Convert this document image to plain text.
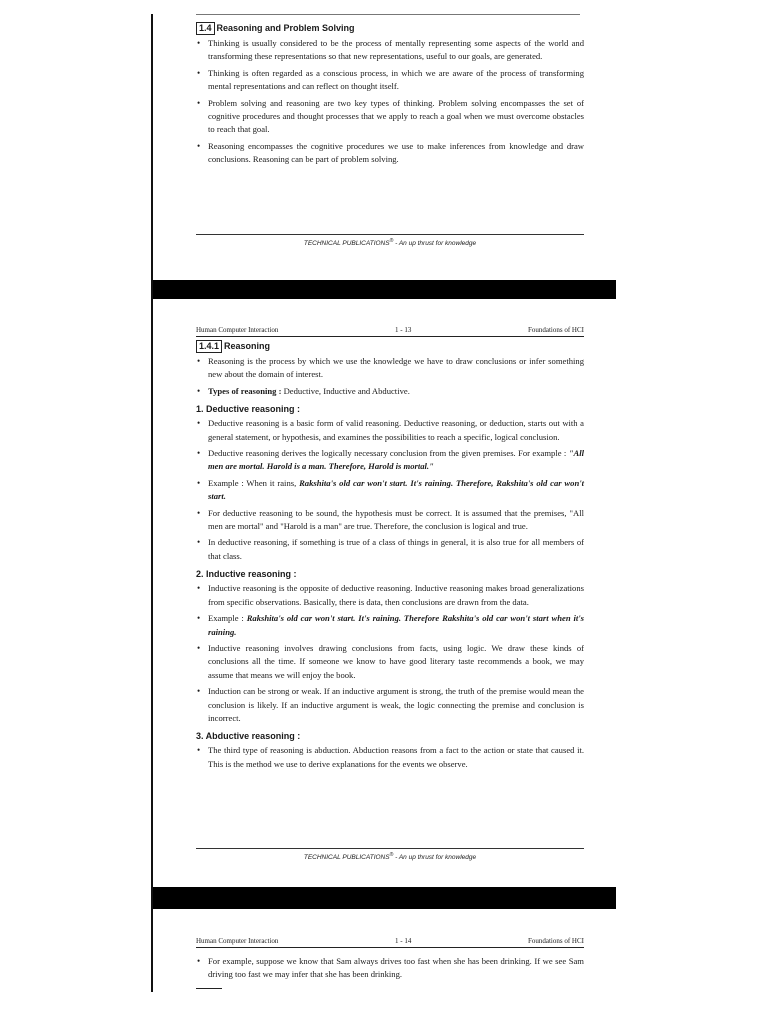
1.4 Reasoning and Problem Solving
• Thinking is usually considered to be the process of mentally representing some aspects of the world and transforming these representations so that new representations, useful to our goals, are generated.
• Thinking is often regarded as a conscious process, in which we are aware of the process of transforming mental representations and can reflect on thought itself.
• Problem solving and reasoning are two key types of thinking. Problem solving encompasses the set of cognitive procedures and thought processes that we apply to reach a goal when we must overcome obstacles to reach that goal.
• Reasoning encompasses the cognitive procedures we use to make inferences from knowledge and draw conclusions. Reasoning can be part of problem solving.
TECHNICAL PUBLICATIONS® - An up thrust for knowledge
Human Computer Interaction	1 - 13	Foundations of HCI
1.4.1 Reasoning
• Reasoning is the process by which we use the knowledge we have to draw conclusions or infer something new about the domain of interest.
• Types of reasoning : Deductive, Inductive and Abductive.
1. Deductive reasoning :
• Deductive reasoning is a basic form of valid reasoning. Deductive reasoning, or deduction, starts out with a general statement, or hypothesis, and examines the possibilities to reach a specific, logical conclusion.
• Deductive reasoning derives the logically necessary conclusion from the given premises. For example : "All men are mortal. Harold is a man. Therefore, Harold is mortal."
• Example : When it rains, Rakshita's old car won't start. It's raining. Therefore, Rakshita's old car won't start.
• For deductive reasoning to be sound, the hypothesis must be correct. It is assumed that the premises, "All men are mortal" and "Harold is a man" are true. Therefore, the conclusion is logical and true.
• In deductive reasoning, if something is true of a class of things in general, it is also true for all members of that class.
2. Inductive reasoning :
• Inductive reasoning is the opposite of deductive reasoning. Inductive reasoning makes broad generalizations from specific observations. Basically, there is data, then conclusions are drawn from the data.
• Example : Rakshita's old car won't start. It's raining. Therefore Rakshita's old car won't start when it's raining.
• Inductive reasoning involves drawing conclusions from facts, using logic. We draw these kinds of conclusions all the time. If someone we know to have good literary taste recommends a book, we may assume that means we will enjoy the book.
• Induction can be strong or weak. If an inductive argument is strong, the truth of the premise would mean the conclusion is likely. If an inductive argument is weak, the logic connecting the premise and conclusion is incorrect.
3. Abductive reasoning :
• The third type of reasoning is abduction. Abduction reasons from a fact to the action or state that caused it. This is the method we use to derive explanations for the events we observe.
TECHNICAL PUBLICATIONS® - An up thrust for knowledge
Human Computer Interaction	1 - 14	Foundations of HCI
• For example, suppose we know that Sam always drives too fast when she has been drinking. If we see Sam driving too fast we may infer that she has been drinking.
